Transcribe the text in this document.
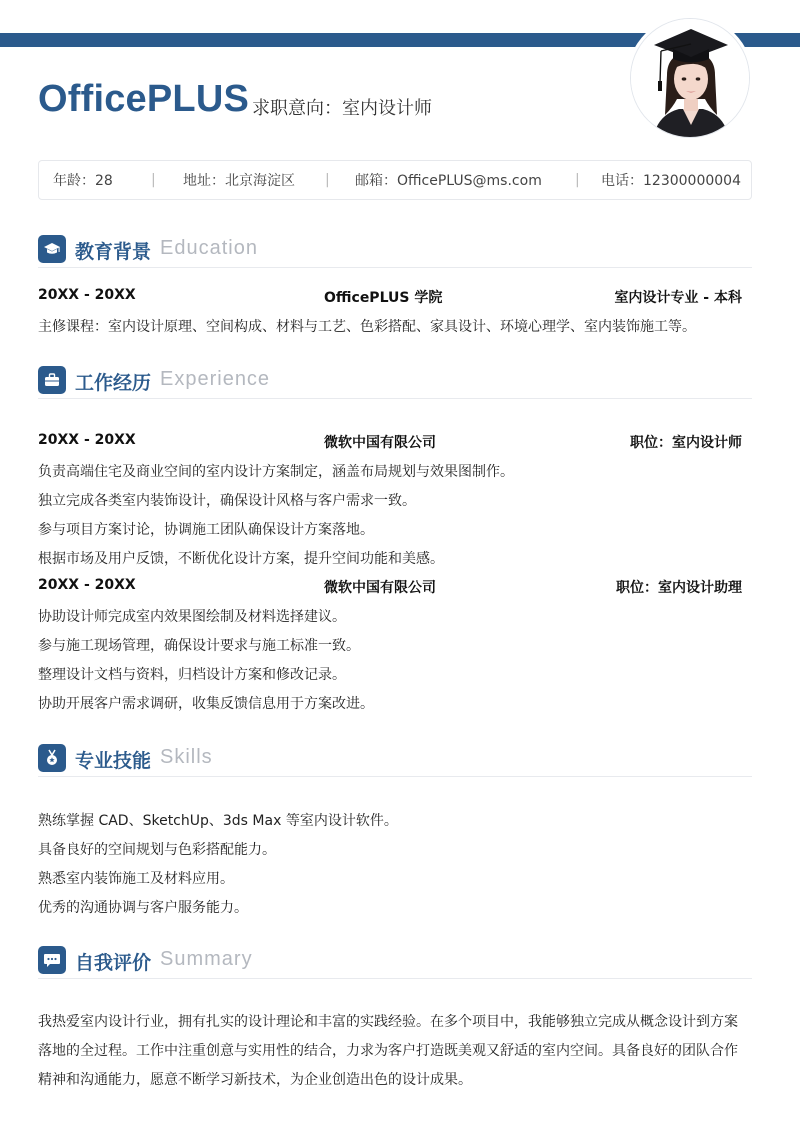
OfficePLUS 求职意向：室内设计师
年龄：28	|	地址：北京海淀区	|	邮箱：OfficePLUS@ms.com	|	电话：12300000004
教育背景 Education
20XX - 20XX	OfficePLUS 学院	室内设计专业 - 本科
主修课程：室内设计原理、空间构成、材料与工艺、色彩搭配、家具设计、环境心理学、室内装饰施工等。
工作经历 Experience
20XX - 20XX	微软中国有限公司	职位：室内设计师
负责高端住宅及商业空间的室内设计方案制定，涵盖布局规划与效果图制作。
独立完成各类室内装饰设计，确保设计风格与客户需求一致。
参与项目方案讨论，协调施工团队确保设计方案落地。
根据市场及用户反馈，不断优化设计方案，提升空间功能和美感。
20XX - 20XX	微软中国有限公司	职位：室内设计助理
协助设计师完成室内效果图绘制及材料选择建议。
参与施工现场管理，确保设计要求与施工标准一致。
整理设计文档与资料，归档设计方案和修改记录。
协助开展客户需求调研，收集反馈信息用于方案改进。
专业技能 Skills
熟练掌握 CAD、SketchUp、3ds Max 等室内设计软件。
具备良好的空间规划与色彩搭配能力。
熟悉室内装饰施工及材料应用。
优秀的沟通协调与客户服务能力。
自我评价 Summary
我热爱室内设计行业，拥有扎实的设计理论和丰富的实践经验。在多个项目中，我能够独立完成从概念设计到方案
落地的全过程。工作中注重创意与实用性的结合，力求为客户打造既美观又舒适的室内空间。具备良好的团队合作
精神和沟通能力，愿意不断学习新技术，为企业创造出色的设计成果。
